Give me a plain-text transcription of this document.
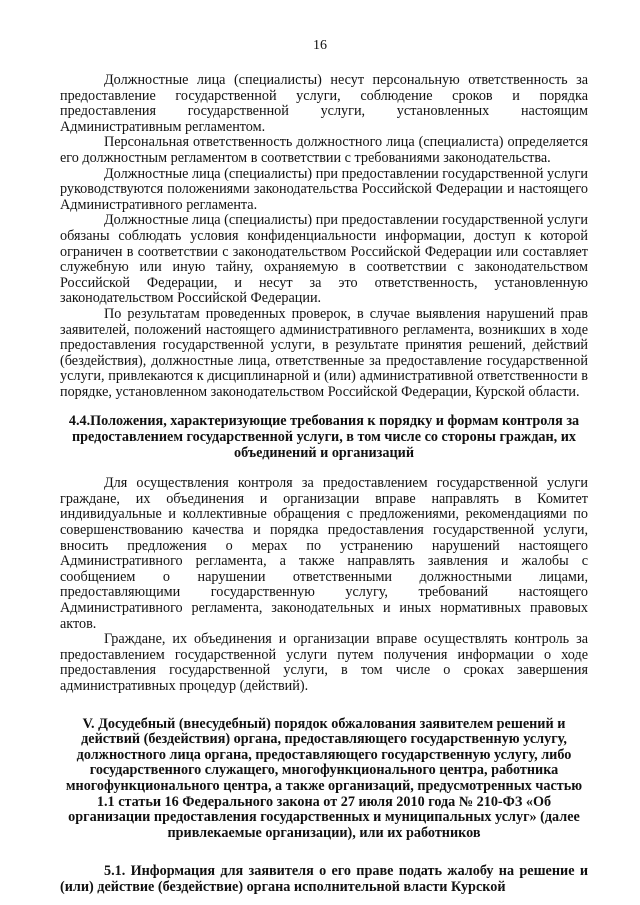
16

Должностные лица (специалисты) несут персональную ответственность за предоставление государственной услуги, соблюдение сроков и порядка предоставления государственной услуги, установленных настоящим Административным регламентом.

Персональная ответственность должностного лица (специалиста) определяется его должностным регламентом в соответствии с требованиями законодательства.

Должностные лица (специалисты) при предоставлении государственной услуги руководствуются положениями законодательства Российской Федерации и настоящего Административного регламента.

Должностные лица (специалисты) при предоставлении государственной услуги обязаны соблюдать условия конфиденциальности информации, доступ к которой ограничен в соответствии с законодательством Российской Федерации или составляет служебную или иную тайну, охраняемую в соответствии с законодательством Российской Федерации, и несут за это ответственность, установленную законодательством Российской Федерации.

По результатам проведенных проверок, в случае выявления нарушений прав заявителей, положений настоящего административного регламента, возникших в ходе предоставления государственной услуги, в результате принятия решений, действий (бездействия), должностные лица, ответственные за предоставление государственной услуги, привлекаются к дисциплинарной и (или) административной ответственности в порядке, установленном законодательством Российской Федерации, Курской области.

4.4.Положения, характеризующие требования к порядку и формам контроля за предоставлением государственной услуги, в том числе со стороны граждан, их объединений и организаций

Для осуществления контроля за предоставлением государственной услуги граждане, их объединения и организации вправе направлять в Комитет индивидуальные и коллективные обращения с предложениями, рекомендациями по совершенствованию качества и порядка предоставления государственной услуги, вносить предложения о мерах по устранению нарушений настоящего Административного регламента, а также направлять заявления и жалобы с сообщением о нарушении ответственными должностными лицами, предоставляющими государственную услугу, требований настоящего Административного регламента, законодательных и иных нормативных правовых актов.

Граждане, их объединения и организации вправе осуществлять контроль за предоставлением государственной услуги путем получения информации о ходе предоставления государственной услуги, в том числе о сроках завершения административных процедур (действий).

V. Досудебный (внесудебный) порядок обжалования заявителем решений и действий (бездействия) органа, предоставляющего государственную услугу, должностного лица органа, предоставляющего государственную услугу, либо государственного служащего, многофункционального центра, работника многофункционального центра, а также организаций, предусмотренных частью 1.1 статьи 16 Федерального закона от 27 июля 2010 года № 210-ФЗ «Об организации предоставления государственных и муниципальных услуг» (далее привлекаемые организации), или их работников

5.1. Информация для заявителя о его праве подать жалобу на решение и (или) действие (бездействие) органа исполнительной власти Курской
